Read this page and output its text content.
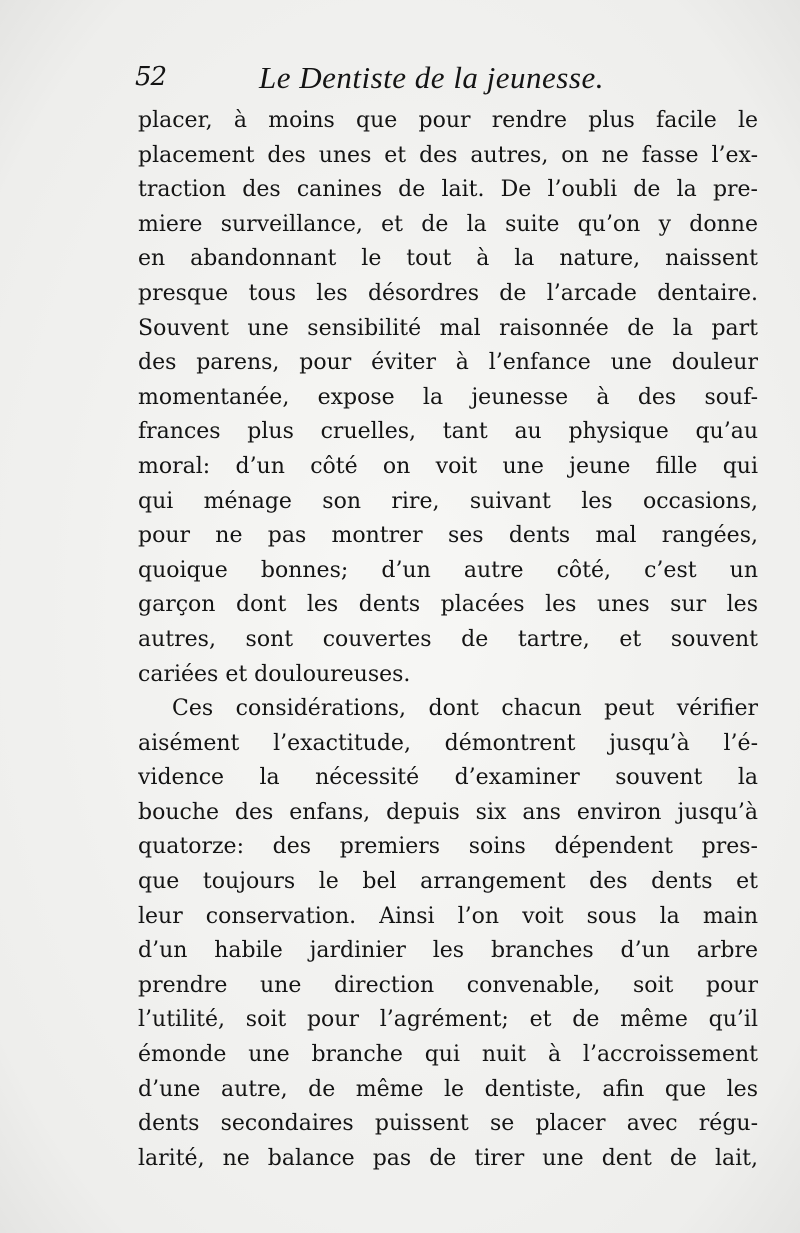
52	Le Dentiste de la jeunesse.
placer, à moins que pour rendre plus facile le
placement des unes et des autres, on ne fasse l’ex-
traction des canines de lait. De l’oubli de la pre-
miere surveillance, et de la suite qu’on y donne
en abandonnant le tout à la nature, naissent
presque tous les désordres de l’arcade dentaire.
Souvent une sensibilité mal raisonnée de la part
des parens, pour éviter à l’enfance une douleur
momentanée, expose la jeunesse à des souf-
frances plus cruelles, tant au physique qu’au
moral: d’un côté on voit une jeune fille qui
qui ménage son rire, suivant les occasions,
pour ne pas montrer ses dents mal rangées,
quoique bonnes; d’un autre côté, c’est un
garçon dont les dents placées les unes sur les
autres, sont couvertes de tartre, et souvent
cariées et douloureuses.
Ces considérations, dont chacun peut vérifier
aisément l’exactitude, démontrent jusqu’à l’é-
vidence la nécessité d’examiner souvent la
bouche des enfans, depuis six ans environ jusqu’à
quatorze: des premiers soins dépendent pres-
que toujours le bel arrangement des dents et
leur conservation. Ainsi l’on voit sous la main
d’un habile jardinier les branches d’un arbre
prendre une direction convenable, soit pour
l’utilité, soit pour l’agrément; et de même qu’il
émonde une branche qui nuit à l’accroissement
d’une autre, de même le dentiste, afin que les
dents secondaires puissent se placer avec régu-
larité, ne balance pas de tirer une dent de lait,
